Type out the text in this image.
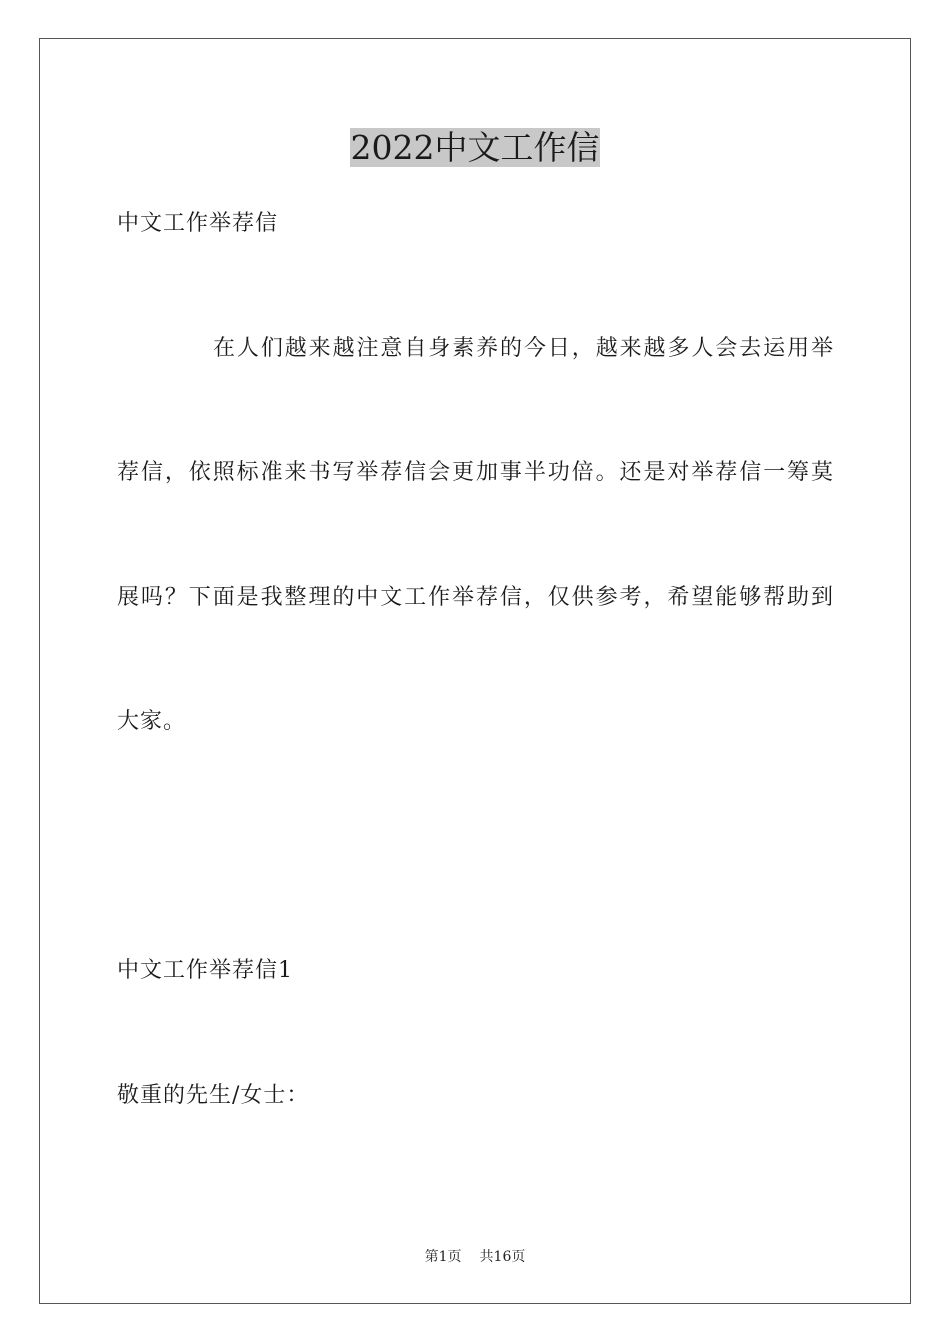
2022中文工作信
中文工作举荐信
在人们越来越注意自身素养的今日，越来越多人会去运用举
荐信，依照标准来书写举荐信会更加事半功倍。还是对举荐信一筹莫
展吗？下面是我整理的中文工作举荐信，仅供参考，希望能够帮助到
大家。
中文工作举荐信1
敬重的先生/女士：
第1页 共16页
